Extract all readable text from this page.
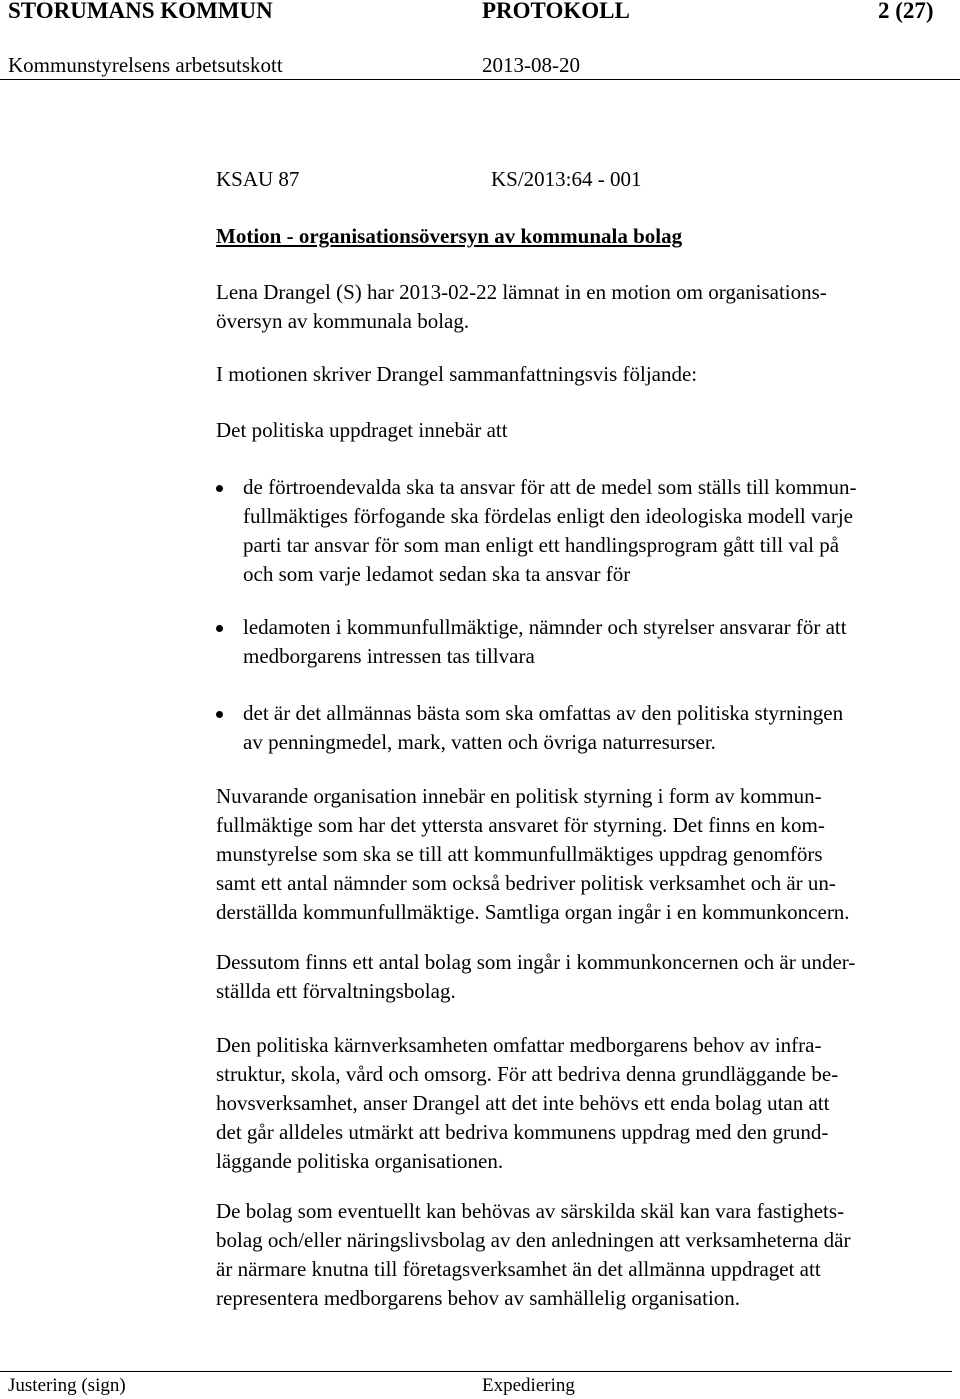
STORUMANS KOMMUN	PROTOKOLL	2 (27)
Kommunstyrelsens arbetsutskott	2013-08-20
KSAU 87	KS/2013:64 - 001
Motion - organisationsöversyn av kommunala bolag

Lena Drangel (S) har 2013-02-22 lämnat in en motion om organisations-

översyn av kommunala bolag.

I motionen skriver Drangel sammanfattningsvis följande:
Det politiska uppdraget innebär att
de förtroendevalda ska ta ansvar för att de medel som ställs till kommun-
fullmäktiges förfogande ska fördelas enligt den ideologiska modell varje
parti tar ansvar för som man enligt ett handlingsprogram gått till val på
och som varje ledamot sedan ska ta ansvar för
ledamoten i kommunfullmäktige, nämnder och styrelser ansvarar för att
medborgarens intressen tas tillvara
det är det allmännas bästa som ska omfattas av den politiska styrningen
av penningmedel, mark, vatten och övriga naturresurser.

Nuvarande organisation innebär en politisk styrning i form av kommun-

fullmäktige som har det yttersta ansvaret för styrning. Det finns en kom-

munstyrelse som ska se till att kommunfullmäktiges uppdrag genomförs

samt ett antal nämnder som också bedriver politisk verksamhet och är un-

derställda kommunfullmäktige. Samtliga organ ingår i en kommunkoncern.

Dessutom finns ett antal bolag som ingår i kommunkoncernen och är under-

ställda ett förvaltningsbolag.

Den politiska kärnverksamheten omfattar medborgarens behov av infra-

struktur, skola, vård och omsorg. För att bedriva denna grundläggande be-

hovsverksamhet, anser Drangel att det inte behövs ett enda bolag utan att

det går alldeles utmärkt att bedriva kommunens uppdrag med den grund-

läggande politiska organisationen.

De bolag som eventuellt kan behövas av särskilda skäl kan vara fastighets-

bolag och/eller näringslivsbolag av den anledningen att verksamheterna där

är närmare knutna till företagsverksamhet än det allmänna uppdraget att

representera medborgarens behov av samhällelig organisation.

Justering (sign)	Expediering
